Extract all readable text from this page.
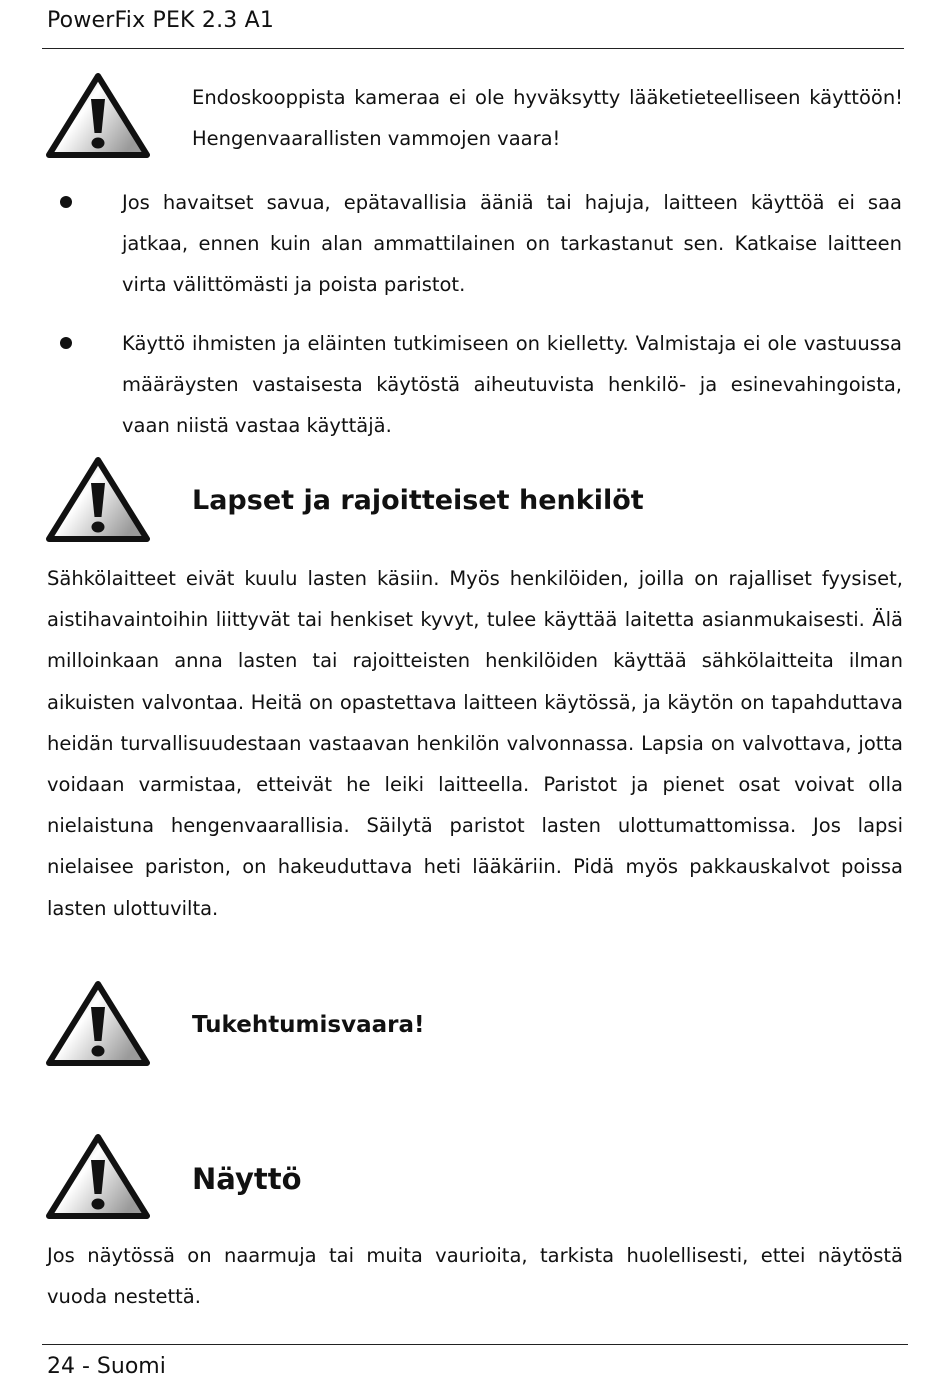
PowerFix PEK 2.3 A1
Endoskooppista kameraa ei ole hyväksytty lääketieteelliseen käyttöön! Hengenvaarallisten vammojen vaara!
Jos havaitset savua, epätavallisia ääniä tai hajuja, laitteen käyttöä ei saa jatkaa, ennen kuin alan ammattilainen on tarkastanut sen. Katkaise laitteen virta välittömästi ja poista paristot.
Käyttö ihmisten ja eläinten tutkimiseen on kielletty. Valmistaja ei ole vastuussa määräysten vastaisesta käytöstä aiheutuvista henkilö- ja esinevahingoista, vaan niistä vastaa käyttäjä.
Lapset ja rajoitteiset henkilöt
Sähkölaitteet eivät kuulu lasten käsiin. Myös henkilöiden, joilla on rajalliset fyysiset, aistihavaintoihin liittyvät tai henkiset kyvyt, tulee käyttää laitetta asianmukaisesti. Älä milloinkaan anna lasten tai rajoitteisten henkilöiden käyttää sähkölaitteita ilman aikuisten valvontaa. Heitä on opastettava laitteen käytössä, ja käytön on tapahduttava heidän turvallisuudestaan vastaavan henkilön valvonnassa. Lapsia on valvottava, jotta voidaan varmistaa, etteivät he leiki laitteella. Paristot ja pienet osat voivat olla nielaistuna hengenvaarallisia. Säilytä paristot lasten ulottumattomissa. Jos lapsi nielaisee pariston, on hakeuduttava heti lääkäriin. Pidä myös pakkauskalvot poissa lasten ulottuvilta.
Tukehtumisvaara!
Näyttö
Jos näytössä on naarmuja tai muita vaurioita, tarkista huolellisesti, ettei näytöstä vuoda nestettä.
24 - Suomi
